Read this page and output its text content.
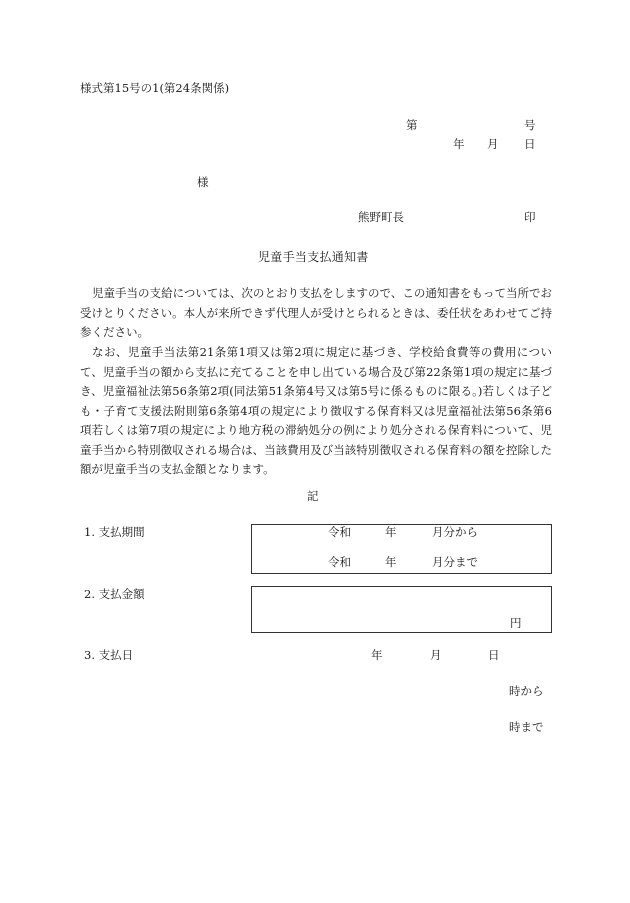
様式第15号の1(第24条関係)
第	号
年 月 日
様
熊野町長	印
児童手当支払通知書
児童手当の支給については、次のとおり支払をしますので、この通知書をもって当所でお受けとりください。本人が来所できず代理人が受けとられるときは、委任状をあわせてご持参ください。
なお、児童手当法第21条第1項又は第2項に規定に基づき、学校給食費等の費用について、児童手当の額から支払に充てることを申し出ている場合及び第22条第1項の規定に基づき、児童福祉法第56条第2項(同法第51条第4号又は第5号に係るものに限る。)若しくは子ども・子育て支援法附則第6条第4項の規定により徴収する保育料又は児童福祉法第56条第6項若しくは第7項の規定により地方税の滞納処分の例により処分される保育料について、児童手当から特別徴収される場合は、当該費用及び当該特別徴収される保育料の額を控除した額が児童手当の支払金額となります。
記
1. 支払期間	令和	年	月分から
令和	年	月分まで
2. 支払金額
円
3. 支払日	年	月	日
時から
時まで
